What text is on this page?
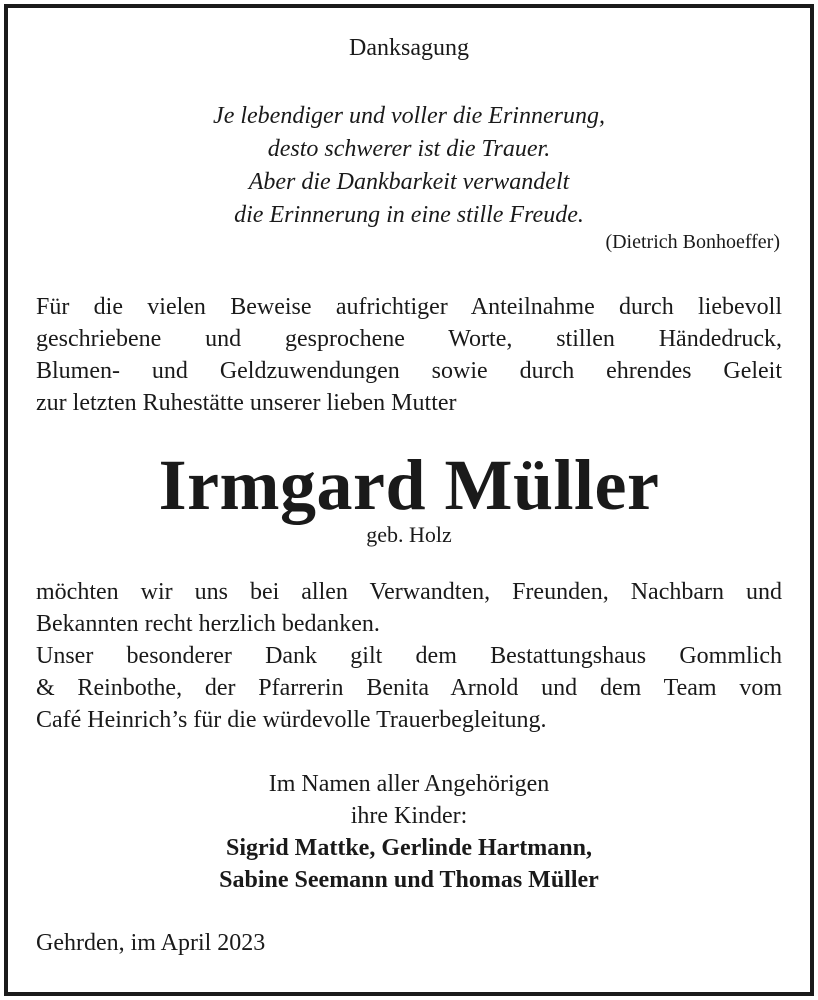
Danksagung
Je lebendiger und voller die Erinnerung,
desto schwerer ist die Trauer.
Aber die Dankbarkeit verwandelt
die Erinnerung in eine stille Freude.
(Dietrich Bonhoeffer)
Für die vielen Beweise aufrichtiger Anteilnahme durch liebevoll
geschriebene und gesprochene Worte, stillen Händedruck,
Blumen- und Geldzuwendungen sowie durch ehrendes Geleit
zur letzten Ruhestätte unserer lieben Mutter
Irmgard Müller
geb. Holz
möchten wir uns bei allen Verwandten, Freunden, Nachbarn und
Bekannten recht herzlich bedanken.
Unser besonderer Dank gilt dem Bestattungshaus Gommlich
& Reinbothe, der Pfarrerin Benita Arnold und dem Team vom
Café Heinrich’s für die würdevolle Trauerbegleitung.
Im Namen aller Angehörigen
ihre Kinder:
Sigrid Mattke, Gerlinde Hartmann,
Sabine Seemann und Thomas Müller
Gehrden, im April 2023
